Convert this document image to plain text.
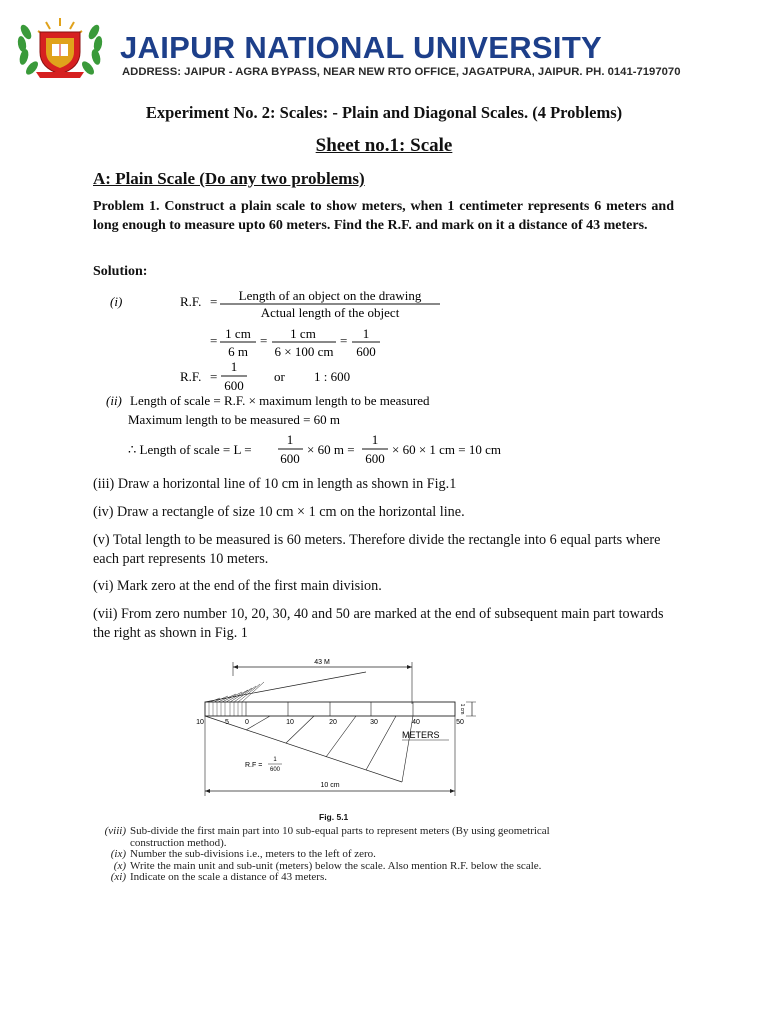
JAIPUR NATIONAL UNIVERSITY
ADDRESS: JAIPUR - AGRA BYPASS, NEAR NEW RTO OFFICE, JAGATPURA, JAIPUR. PH. 0141-7197070
Experiment No. 2: Scales: - Plain and Diagonal Scales. (4 Problems)
Sheet no.1: Scale
A: Plain Scale (Do any two problems)
Problem 1. Construct a plain scale to show meters, when 1 centimeter represents 6 meters and long enough to measure upto 60 meters. Find the R.F. and mark on it a distance of 43 meters.
Solution:
(i)	R.F. = Length of an object on the drawing
Actual length of the object
= 1 cm
6 m
= 1 cm
6 × 100 cm
= 1
600
R.F. =
1
600
or 1 : 600
(ii) Length of scale = R.F. × maximum length to be measured
Maximum length to be measured = 60 m
∴ Length of scale = L =
1
600
× 60 m =
1
600
× 60 × 1 cm = 10 cm
(iii) Draw a horizontal line of 10 cm in length as shown in Fig.1
(iv) Draw a rectangle of size 10 cm × 1 cm on the horizontal line.
(v) Total length to be measured is 60 meters. Therefore divide the rectangle into 6 equal parts where each part represents 10 meters.
(vi) Mark zero at the end of the first main division.
(vii) From zero number 10, 20, 30, 40 and 50 are marked at the end of subsequent main part towards the right as shown in Fig. 1
43 M
1 cm
10	5 0	10	20	30	40	50
METERS
R.F =
1
600
10 cm
Fig. 5.1
(viii) Sub-divide the first main part into 10 sub-equal parts to represent meters (By using geometrical construction method).
(ix) Number the sub-divisions i.e., meters to the left of zero.
(x) Write the main unit and sub-unit (meters) below the scale. Also mention R.F. below the scale.
(xi) Indicate on the scale a distance of 43 meters.
